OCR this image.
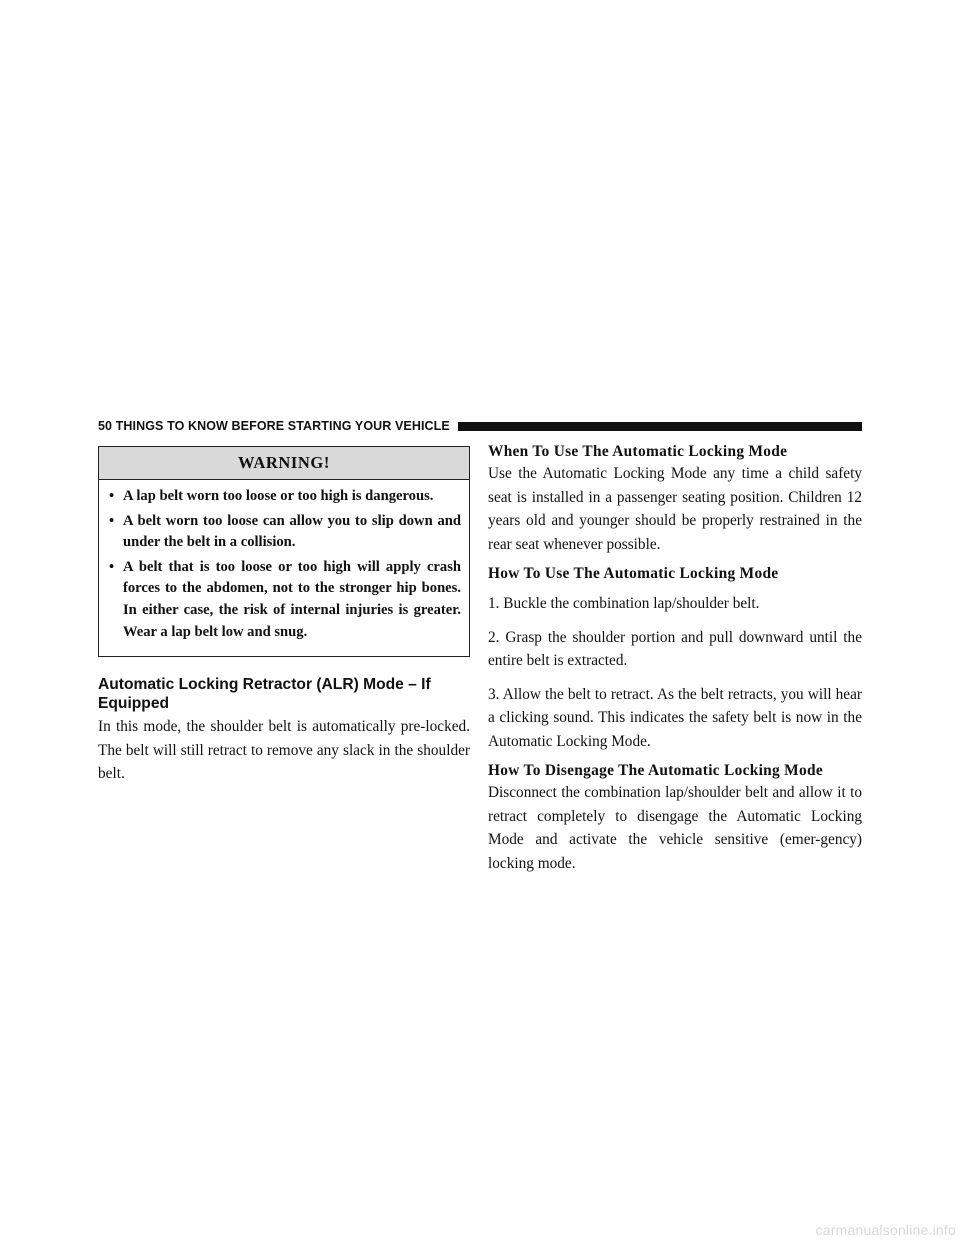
50 THINGS TO KNOW BEFORE STARTING YOUR VEHICLE
WARNING!
• A lap belt worn too loose or too high is dangerous.
• A belt worn too loose can allow you to slip down and under the belt in a collision.
• A belt that is too loose or too high will apply crash forces to the abdomen, not to the stronger hip bones. In either case, the risk of internal injuries is greater. Wear a lap belt low and snug.
Automatic Locking Retractor (ALR) Mode – If Equipped

In this mode, the shoulder belt is automatically pre-locked. The belt will still retract to remove any slack in the shoulder belt.

When To Use The Automatic Locking Mode

Use the Automatic Locking Mode any time a child safety seat is installed in a passenger seating position. Children 12 years old and younger should be properly restrained in the rear seat whenever possible.

How To Use The Automatic Locking Mode

1. Buckle the combination lap/shoulder belt.

2. Grasp the shoulder portion and pull downward until the entire belt is extracted.

3. Allow the belt to retract. As the belt retracts, you will hear a clicking sound. This indicates the safety belt is now in the Automatic Locking Mode.

How To Disengage The Automatic Locking Mode

Disconnect the combination lap/shoulder belt and allow it to retract completely to disengage the Automatic Locking Mode and activate the vehicle sensitive (emer-gency) locking mode.

carmanualsonline.info
